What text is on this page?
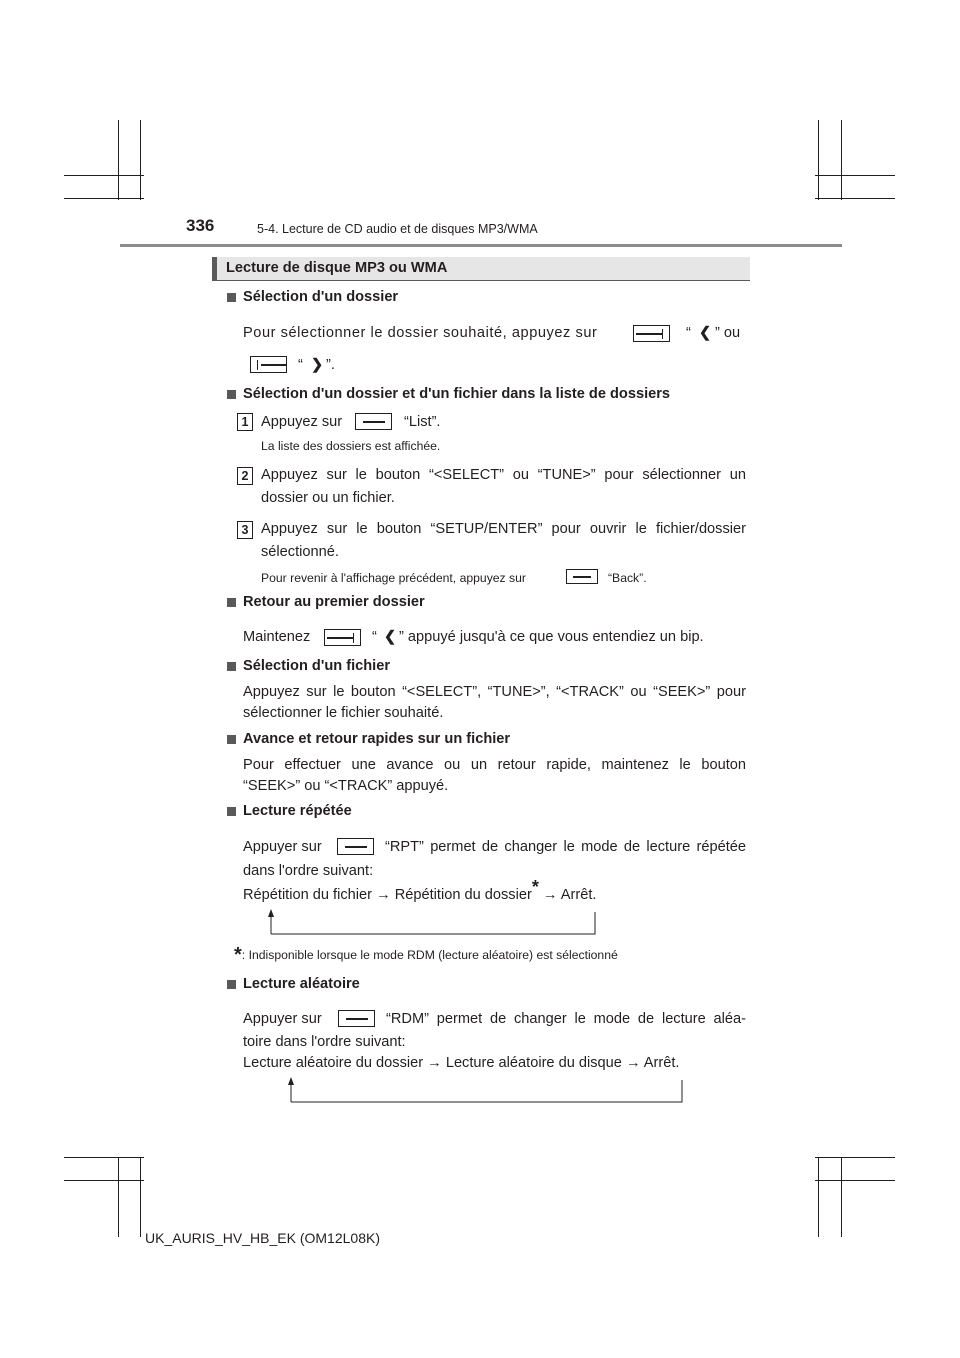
336	5-4. Lecture de CD audio et de disques MP3/WMA
Lecture de disque MP3 ou WMA
Sélection d'un dossier
Pour sélectionner le dossier souhaité, appuyez sur	“ ❮ ” ou
“ ❯ ”.
Sélection d'un dossier et d'un fichier dans la liste de dossiers
1 Appuyez sur	“List”.
La liste des dossiers est affichée.
2 Appuyez sur le bouton “<SELECT” ou “TUNE>” pour sélectionner un
dossier ou un fichier.
3 Appuyez sur le bouton “SETUP/ENTER” pour ouvrir le fichier/dossier
sélectionné.
Pour revenir à l'affichage précédent, appuyez sur	“Back”.
Retour au premier dossier
Maintenez	“ ❮ ” appuyé jusqu'à ce que vous entendiez un bip.
Sélection d'un fichier
Appuyez sur le bouton “<SELECT”, “TUNE>”, “<TRACK” ou “SEEK>” pour
sélectionner le fichier souhaité.
Avance et retour rapides sur un fichier
Pour effectuer une avance ou un retour rapide, maintenez le bouton
“SEEK>” ou “<TRACK” appuyé.
Lecture répétée
Appuyer sur	“RPT” permet de changer le mode de lecture répétée
dans l'ordre suivant:
Répétition du fichier → Répétition du dossier* → Arrêt.
*: Indisponible lorsque le mode RDM (lecture aléatoire) est sélectionné
Lecture aléatoire
Appuyer sur	“RDM” permet de changer le mode de lecture aléa-
toire dans l'ordre suivant:
Lecture aléatoire du dossier → Lecture aléatoire du disque → Arrêt.
UK_AURIS_HV_HB_EK (OM12L08K)
